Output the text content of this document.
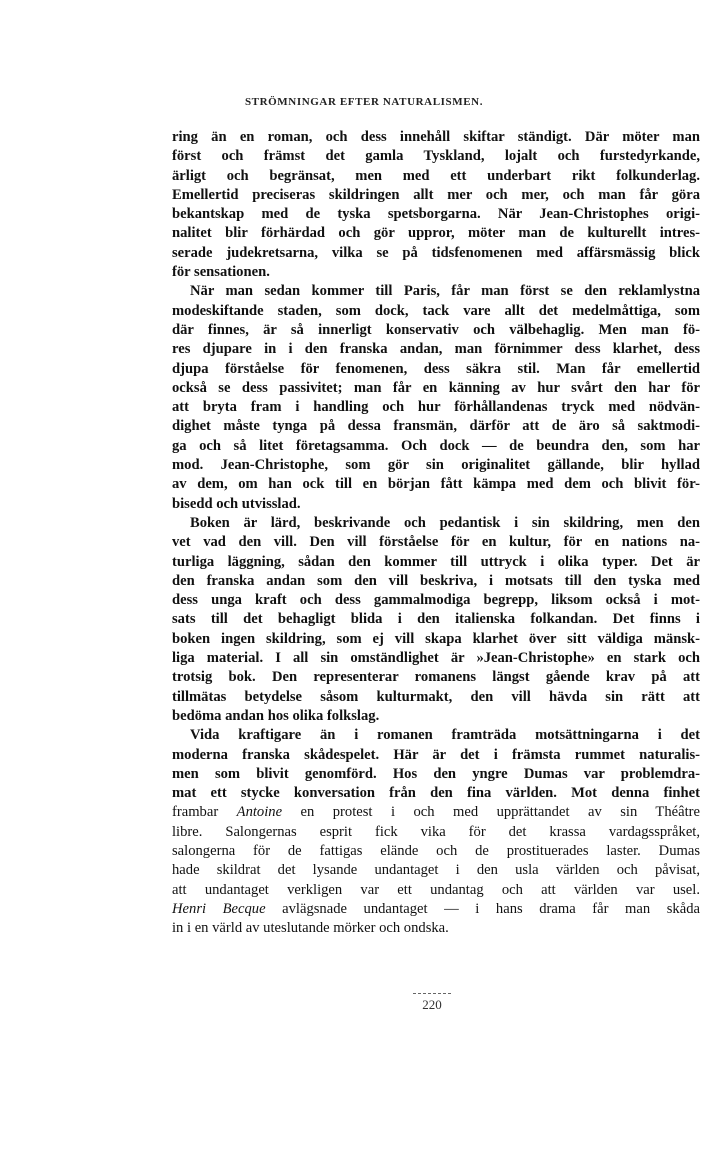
STRÖMNINGAR EFTER NATURALISMEN.
ring än en roman, och dess innehåll skiftar ständigt. Där möter man
först och främst det gamla Tyskland, lojalt och furstedyrkande,
ärligt och begränsat, men med ett underbart rikt folkunderlag.
Emellertid preciseras skildringen allt mer och mer, och man får göra
bekantskap med de tyska spetsborgarna. När Jean-Christophes origi-
nalitet blir förhärdad och gör uppror, möter man de kulturellt intres-
serade judekretsarna, vilka se på tidsfenomenen med affärsmässig blick
för sensationen.
När man sedan kommer till Paris, får man först se den reklamlystna
modeskiftande staden, som dock, tack vare allt det medelmåttiga, som
där finnes, är så innerligt konservativ och välbehaglig. Men man fö-
res djupare in i den franska andan, man förnimmer dess klarhet, dess
djupa förståelse för fenomenen, dess säkra stil. Man får emellertid
också se dess passivitet; man får en känning av hur svårt den har för
att bryta fram i handling och hur förhållandenas tryck med nödvän-
dighet måste tynga på dessa fransmän, därför att de äro så saktmodi-
ga och så litet företagsamma. Och dock — de beundra den, som har
mod. Jean-Christophe, som gör sin originalitet gällande, blir hyllad
av dem, om han ock till en början fått kämpa med dem och blivit för-
bisedd och utvisslad.
Boken är lärd, beskrivande och pedantisk i sin skildring, men den
vet vad den vill. Den vill förståelse för en kultur, för en nations na-
turliga läggning, sådan den kommer till uttryck i olika typer. Det är
den franska andan som den vill beskriva, i motsats till den tyska med
dess unga kraft och dess gammalmodiga begrepp, liksom också i mot-
sats till det behagligt blida i den italienska folkandan. Det finns i
boken ingen skildring, som ej vill skapa klarhet över sitt väldiga mänsk-
liga material. I all sin omständlighet är »Jean-Christophe» en stark och
trotsig bok. Den representerar romanens längst gående krav på att
tillmätas betydelse såsom kulturmakt, den vill hävda sin rätt att
bedöma andan hos olika folkslag.
Vida kraftigare än i romanen framträda motsättningarna i det
moderna franska skådespelet. Här är det i främsta rummet naturalis-
men som blivit genomförd. Hos den yngre Dumas var problemdra-
mat ett stycke konversation från den fina världen. Mot denna finhet
frambar Antoine en protest i och med upprättandet av sin Théâtre
libre. Salongernas esprit fick vika för det krassa vardagsspråket,
salongerna för de fattigas elände och de prostituerades laster. Dumas
hade skildrat det lysande undantaget i den usla världen och påvisat,
att undantaget verkligen var ett undantag och att världen var usel.
Henri Becque avlägsnade undantaget — i hans drama får man skåda
in i en värld av uteslutande mörker och ondska.
220
